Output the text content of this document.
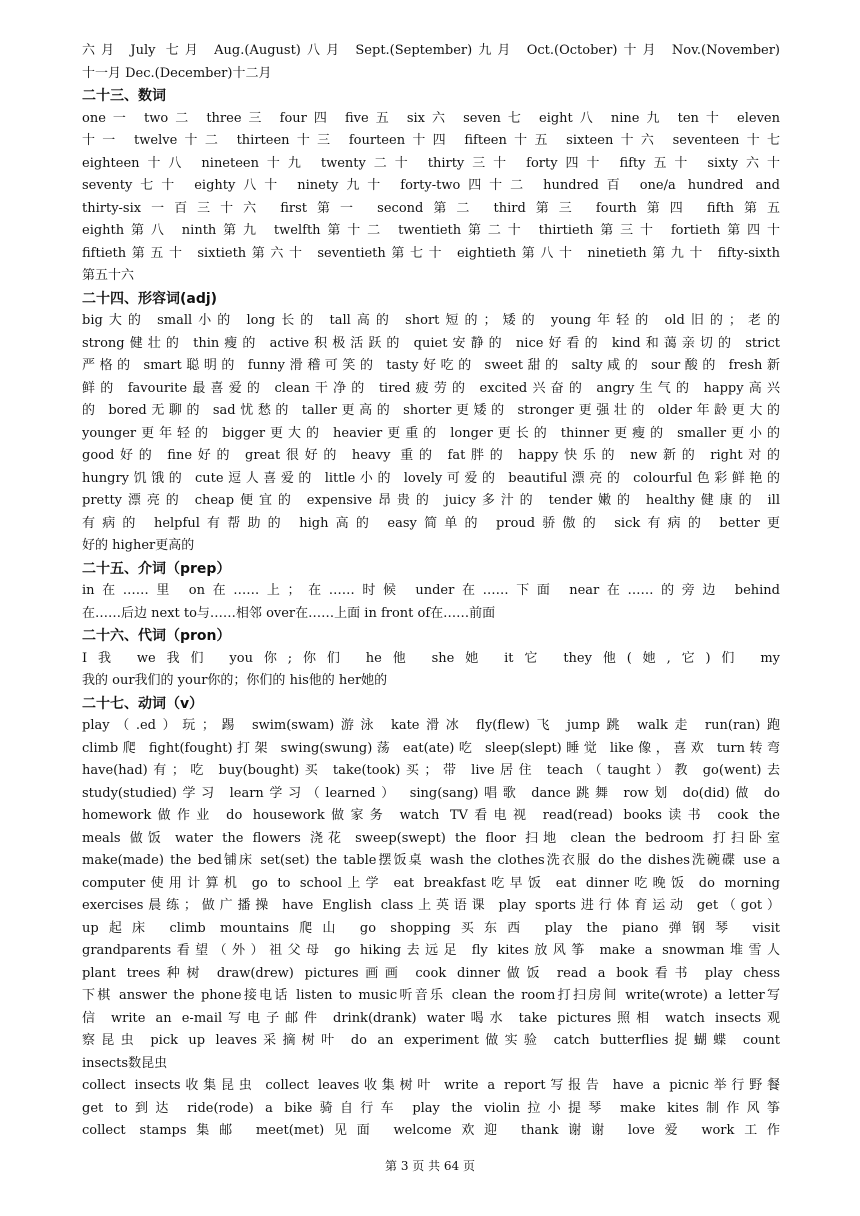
六月 July 七月 Aug.(August)八月 Sept.(September)九月 Oct.(October)十月 Nov.(November)
十一月 Dec.(December)十二月
二十三、数词
one一 two二 three三 four四 five五 six六 seven七 eight八 nine九 ten十 eleven
十一 twelve十二 thirteen十三 fourteen十四 fifteen十五 sixteen十六 seventeen十七
eighteen十八 nineteen十九 twenty二十 thirty三十 forty四十 fifty五十 sixty六十
seventy七十 eighty八十 ninety九十 forty-two四十二 hundred百 one/a hundred and
thirty-six一百三十六 first第一 second第二 third第三 fourth第四 fifth第五
eighth第八 ninth第九 twelfth第十二 twentieth第二十 thirtieth第三十 fortieth第四十
fiftieth第五十 sixtieth第六十 seventieth第七十 eightieth第八十 ninetieth第九十 fifty-sixth
第五十六
二十四、形容词(adj)
big大的 small小的 long长的 tall高的 short短的；矮的 young年轻的 old旧的；老的
strong健壮的 thin瘦的 active积极活跃的 quiet安静的 nice好看的 kind和蔼亲切的 strict
严格的 smart聪明的 funny滑稽可笑的 tasty好吃的 sweet甜的 salty咸的 sour酸的 fresh新
鲜的 favourite最喜爱的 clean干净的 tired疲劳的 excited兴奋的 angry生气的 happy高兴
的 bored无聊的 sad忧愁的 taller更高的 shorter更矮的 stronger更强壮的 older年龄更大的
younger更年轻的 bigger更大的 heavier更重的 longer更长的 thinner更瘦的 smaller更小的
good好的 fine好的 great很好的 heavy 重的 fat胖的 happy快乐的 new新的 right对的
hungry饥饿的 cute逗人喜爱的 little小的 lovely可爱的 beautiful漂亮的 colourful色彩鲜艳的
pretty漂亮的 cheap便宜的 expensive昂贵的 juicy多汁的 tender嫩的 healthy健康的 ill
有病的 helpful有帮助的 high高的 easy简单的 proud骄傲的 sick有病的 better更
好的 higher更高的
二十五、介词（prep）
in在……里 on在……上；在……时候 under在……下面 near在……的旁边 behind
在……后边 next to与……相邻 over在……上面 in front of在……前面
二十六、代词（pron）
I我 we我们 you你;你们 he他 she她 it它 they他(她,它)们 my
我的 our我们的 your你的；你们的 his他的 her她的
二十七、动词（v）
play（.ed）玩；踢 swim(swam)游泳 kate滑冰 fly(flew)飞 jump跳 walk走 run(ran)跑
climb爬 fight(fought)打架 swing(swung)荡 eat(ate)吃 sleep(slept)睡觉 like像，喜欢 turn转弯
have(had)有；吃 buy(bought)买 take(took)买；带 live居住 teach（taught）教 go(went)去
study(studied)学习 learn学习（learned） sing(sang)唱歌 dance跳舞 row划 do(did)做 do
homework做作业 do housework做家务 watch TV看电视 read(read) books读书 cook the
meals 做饭 water the flowers 浇花 sweep(swept) the floor 扫地 clean the bedroom 打扫卧室
make(made) the bed铺床 set(set) the table摆饭桌 wash the clothes洗衣服 do the dishes洗碗碟 use a
computer使用计算机 go to school上学 eat breakfast吃早饭 eat dinner吃晚饭 do morning
exercises晨练；做广播操 have English class上英语课 play sports进行体育运动 get（got）
up起床 climb mountains爬山 go shopping买东西 play the piano弹钢琴 visit
grandparents看望（外）祖父母 go hiking去远足 fly kites放风筝 make a snowman堆雪人
plant trees种树 draw(drew) pictures画画 cook dinner做饭 read a book看书 play chess
下棋 answer the phone接电话 listen to music听音乐 clean the room打扫房间 write(wrote) a letter写
信 write an e-mail写电子邮件 drink(drank) water喝水 take pictures照相 watch insects观
察昆虫 pick up leaves采摘树叶 do an experiment做实验 catch butterflies捉蝴蝶 count
insects数昆虫
collect insects收集昆虫 collect leaves收集树叶 write a report写报告 have a picnic举行野餐
get to到达 ride(rode) a bike骑自行车 play the violin拉小提琴 make kites制作风筝
collect stamps集邮 meet(met)见面 welcome欢迎 thank谢谢 love爱 work工作
第 3 页 共 64 页
